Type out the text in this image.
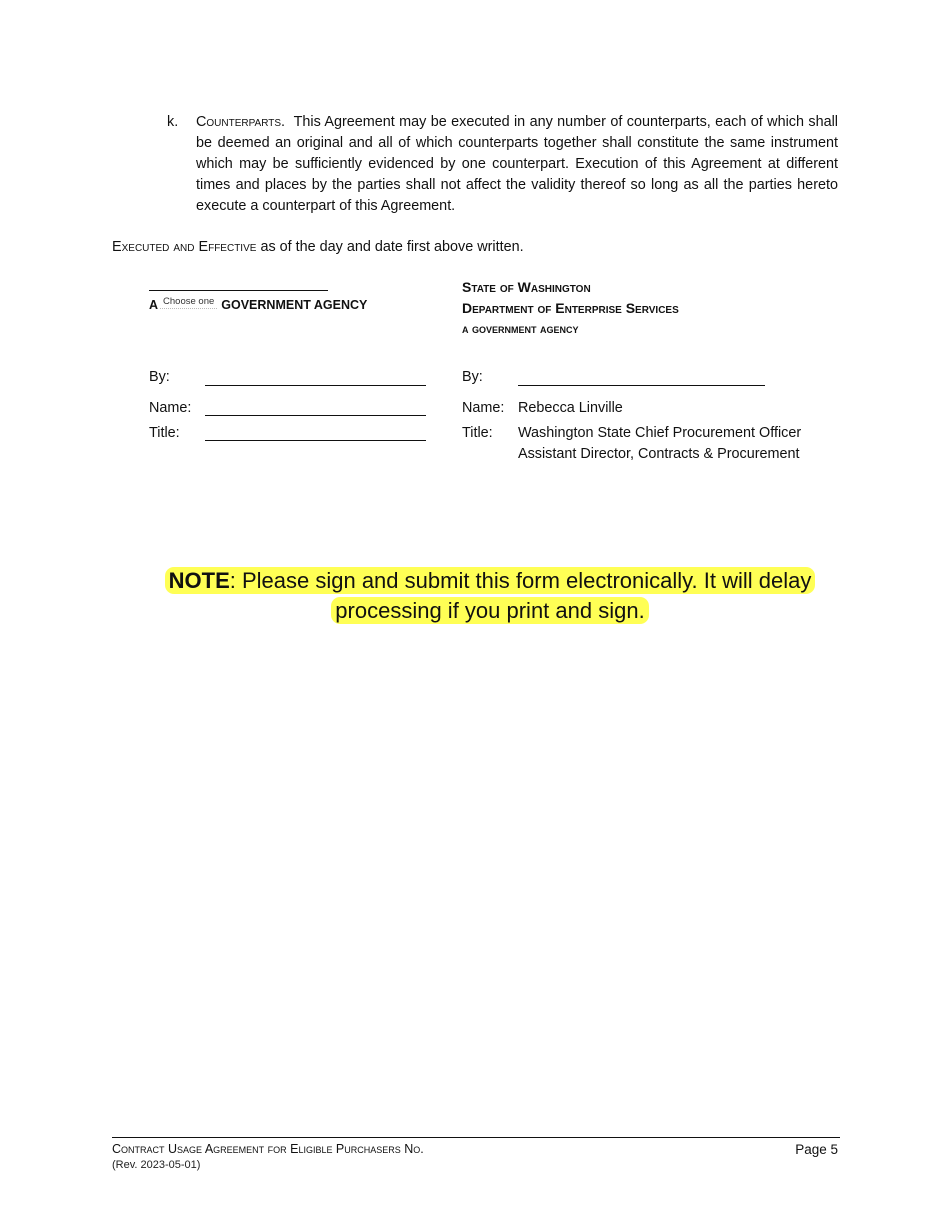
k. Counterparts. This Agreement may be executed in any number of counterparts, each of which shall be deemed an original and all of which counterparts together shall constitute the same instrument which may be sufficiently evidenced by one counterpart. Execution of this Agreement at different times and places by the parties shall not affect the validity thereof so long as all the parties hereto execute a counterpart of this Agreement.
Executed and Effective as of the day and date first above written.
A Choose one GOVERNMENT AGENCY
By:
Name:
Title:
State of Washington
Department of Enterprise Services
a government agency
By:
Name: Rebecca Linville
Title: Washington State Chief Procurement Officer
Assistant Director, Contracts & Procurement
NOTE: Please sign and submit this form electronically. It will delay processing if you print and sign.
Contract Usage Agreement for Eligible Purchasers No.
(Rev. 2023-05-01)
Page 5
